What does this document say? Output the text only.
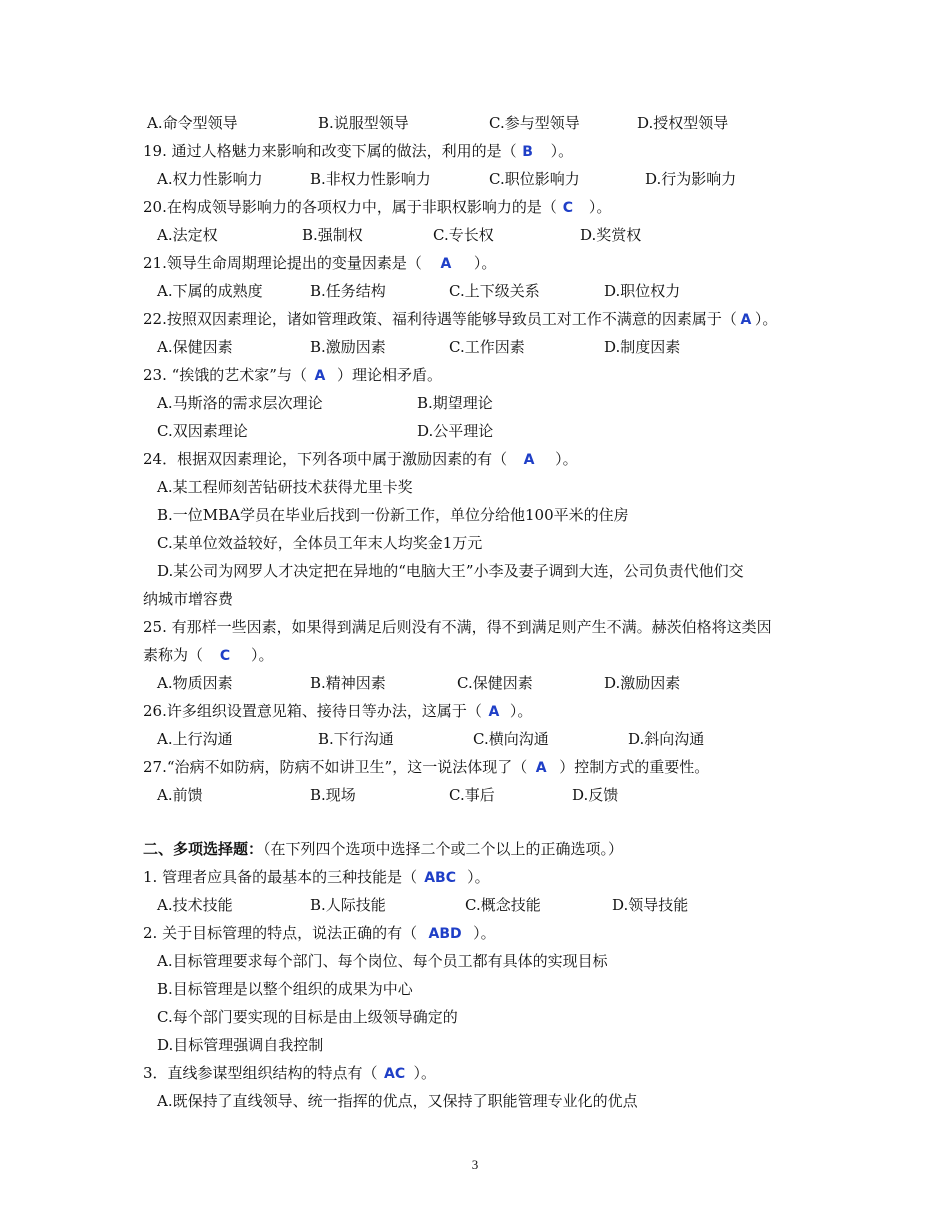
A.命令型领导	B.说服型领导	C.参与型领导	D.授权型领导
19. 通过人格魅力来影响和改变下属的做法，利用的是（ B ）。
A.权力性影响力	B.非权力性影响力	C.职位影响力	D.行为影响力
20.在构成领导影响力的各项权力中，属于非职权影响力的是（ C ）。
A.法定权	B.强制权	C.专长权	D.奖赏权
21.领导生命周期理论提出的变量因素是（ A ）。
A.下属的成熟度	B.任务结构	C.上下级关系	D.职位权力
22.按照双因素理论，诸如管理政策、福利待遇等能够导致员工对工作不满意的因素属于（ A ）。
A.保健因素	B.激励因素	C.工作因素	D.制度因素
23. “挨饿的艺术家”与（ A ）理论相矛盾。
A.马斯洛的需求层次理论	B.期望理论
C.双因素理论	D.公平理论
24．根据双因素理论，下列各项中属于激励因素的有（ A ）。
A.某工程师刻苦钻研技术获得尤里卡奖
B.一位MBA学员在毕业后找到一份新工作，单位分给他100平米的住房
C.某单位效益较好，全体员工年末人均奖金1万元
D.某公司为网罗人才决定把在异地的“电脑大王”小李及妻子调到大连，公司负责代他们交
纳城市增容费
25. 有那样一些因素，如果得到满足后则没有不满，得不到满足则产生不满。赫茨伯格将这类因
素称为（ C ）。
A.物质因素	B.精神因素	C.保健因素	D.激励因素
26.许多组织设置意见箱、接待日等办法，这属于（ A ）。
A.上行沟通	B.下行沟通	C.横向沟通	D.斜向沟通
27.“治病不如防病，防病不如讲卫生”，这一说法体现了（ A ）控制方式的重要性。
A.前馈	B.现场	C.事后	D.反馈
二、多项选择题：（在下列四个选项中选择二个或二个以上的正确选项。）
1. 管理者应具备的最基本的三种技能是（ ABC ）。
A.技术技能	B.人际技能	C.概念技能	D.领导技能
2. 关于目标管理的特点，说法正确的有（ ABD ）。
A.目标管理要求每个部门、每个岗位、每个员工都有具体的实现目标
B.目标管理是以整个组织的成果为中心
C.每个部门要实现的目标是由上级领导确定的
D.目标管理强调自我控制
3．直线参谋型组织结构的特点有（ AC ）。
A.既保持了直线领导、统一指挥的优点，又保持了职能管理专业化的优点
3
